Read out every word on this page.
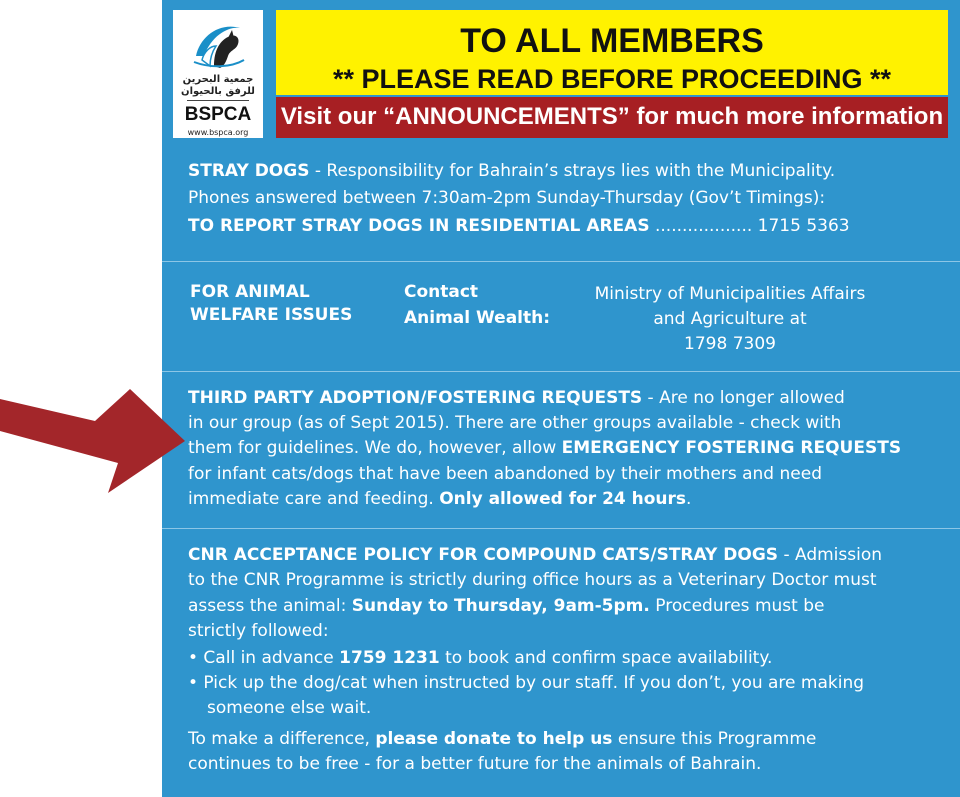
جمعية البحرين
للرفق بالحيوان
BSPCA
www.bspca.org
TO ALL MEMBERS
** PLEASE READ BEFORE PROCEEDING **
Visit our “ANNOUNCEMENTS” for much more information
STRAY DOGS - Responsibility for Bahrain’s strays lies with the Municipality.
Phones answered between 7:30am-2pm Sunday-Thursday (Gov’t Timings):
TO REPORT STRAY DOGS IN RESIDENTIAL AREAS .................. 1715 5363
FOR ANIMAL
WELFARE ISSUES
Contact
Animal Wealth:
Ministry of Municipalities Affairs
and Agriculture at
1798 7309
THIRD PARTY ADOPTION/FOSTERING REQUESTS - Are no longer allowed
in our group (as of Sept 2015). There are other groups available - check with
them for guidelines. We do, however, allow EMERGENCY FOSTERING REQUESTS
for infant cats/dogs that have been abandoned by their mothers and need
immediate care and feeding. Only allowed for 24 hours.
CNR ACCEPTANCE POLICY FOR COMPOUND CATS/STRAY DOGS - Admission
to the CNR Programme is strictly during office hours as a Veterinary Doctor must
assess the animal: Sunday to Thursday, 9am-5pm. Procedures must be
strictly followed:
• Call in advance 1759 1231 to book and confirm space availability.
• Pick up the dog/cat when instructed by our staff. If you don’t, you are making
someone else wait.
To make a difference, please donate to help us ensure this Programme
continues to be free - for a better future for the animals of Bahrain.
